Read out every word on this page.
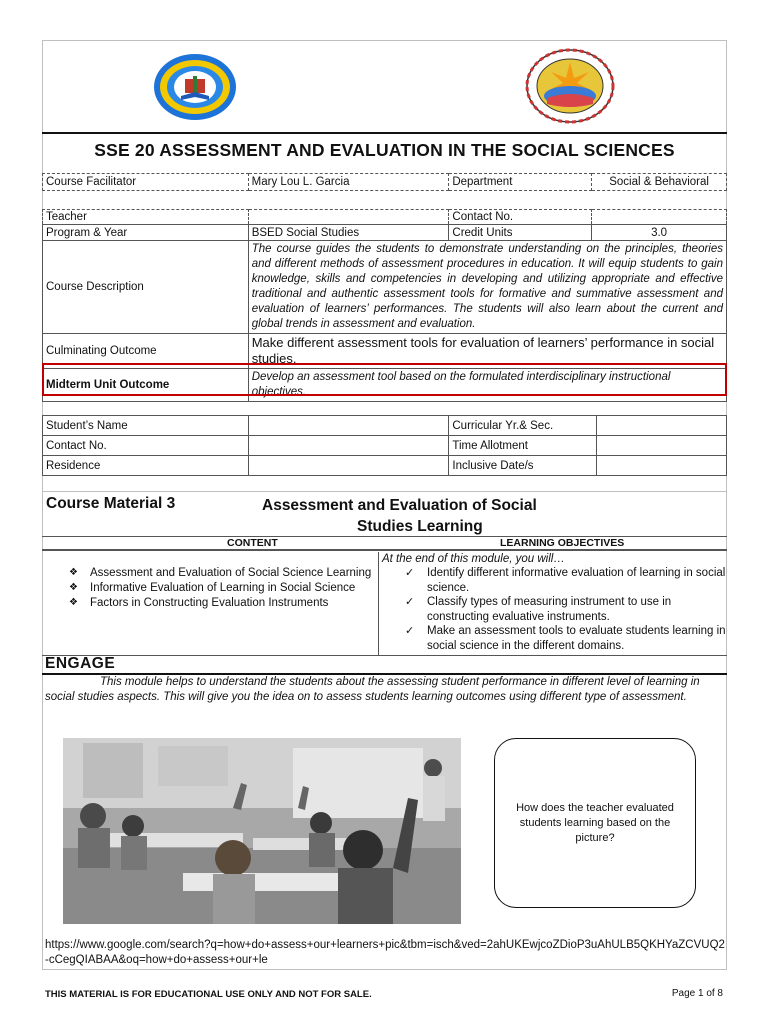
SSE 20 ASSESSMENT AND EVALUATION IN THE SOCIAL SCIENCES
Course Facilitator	Mary Lou L. Garcia	Department	Social & Behavioral
Teacher		Contact No.	
Program & Year	BSED Social Studies	Credit Units	3.0
Course Description	The course guides the students to demonstrate understanding on the principles, theories and different methods of assessment procedures in education. It will equip students to gain knowledge, skills and competencies in developing and utilizing appropriate and effective traditional and authentic assessment tools for formative and summative assessment and evaluation of learners’ performances. The students will also learn about the current and global trends in assessment and evaluation.		
Culminating Outcome	Make different assessment tools for evaluation of learners’ performance in social studies.		
Midterm Unit Outcome	Develop an assessment tool based on the formulated interdisciplinary instructional objectives.		
Student’s Name		Curricular Yr.& Sec.	
Contact No.		Time Allotment	
Residence		Inclusive Date/s	
Course Material 3	Assessment and Evaluation of Social
Studies Learning
CONTENT	LEARNING OBJECTIVES
❖ Assessment and Evaluation of Social Science Learning
❖ Informative Evaluation of Learning in Social Science
❖ Factors in Constructing Evaluation Instruments
At the end of this module, you will…
✓ Identify different informative evaluation of learning in social science.
✓ Classify types of measuring instrument to use in constructing evaluative instruments.
✓ Make an assessment tools to evaluate students learning in social science in the different domains.
ENGAGE
This module helps to understand the students about the assessing student performance in different level of learning in social studies aspects. This will give you the idea on to assess students learning outcomes using different type of assessment.
How does the teacher evaluated students learning based on the picture?
https://www.google.com/search?q=how+do+assess+our+learners+pic&tbm=isch&ved=2ahUKEwjcoZDioP3uAhULB5QKHYaZCVUQ2-cCegQIABAA&oq=how+do+assess+our+le
THIS MATERIAL IS FOR EDUCATIONAL USE ONLY AND NOT FOR SALE.	Page 1 of 8
